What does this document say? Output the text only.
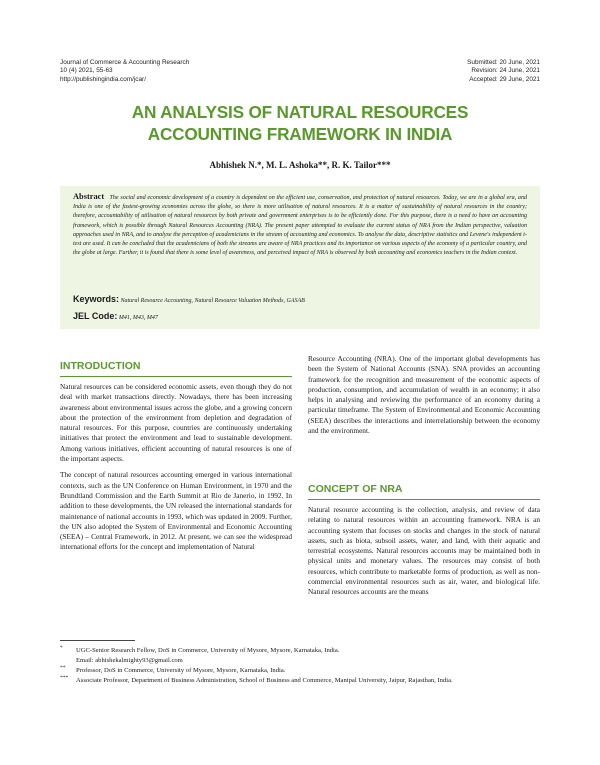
Journal of Commerce & Accounting Research
10 (4) 2021, 55-63
http://publishingindia.com/jcar/
Submitted: 20 June, 2021
Revision: 24 June, 2021
Accepted: 29 June, 2021
AN ANALYSIS OF NATURAL RESOURCES
ACCOUNTING FRAMEWORK IN INDIA
Abhishek N.*, M. L. Ashoka**, R. K. Tailor***
Abstract The social and economic development of a country is dependent on the efficient use, conservation, and protection of natural resources. Today, we are in a global era, and India is one of the fastest-growing economies across the globe, so there is more utilisation of natural resources. It is a matter of sustainability of natural resources in the country; therefore, accountability of utilisation of natural resources by both private and government enterprises is to be efficiently done. For this purpose, there is a need to have an accounting framework, which is possible through Natural Resources Accounting (NRA). The present paper attempted to evaluate the current status of NRA from the Indian perspective, valuation approaches used in NRA, and to analyse the perception of academicians in the stream of accounting and economics. To analyse the data, descriptive statistics and Levene's independent t-test are used. It can be concluded that the academicians of both the streams are aware of NRA practices and its importance on various aspects of the economy of a particular country, and the globe at large. Further, it is found that there is some level of awareness, and perceived impact of NRA is observed by both accounting and economics teachers in the Indian context.
Keywords: Natural Resource Accounting, Natural Resource Valuation Methods, GASAB
JEL Code: M41, M43, M47
INTRODUCTION

Natural resources can be considered economic assets, even though they do not deal with market transactions directly. Nowadays, there has been increasing awareness about environmental issues across the globe, and a growing concern about the protection of the environment from depletion and degradation of natural resources. For this purpose, countries are continuously undertaking initiatives that protect the environment and lead to sustainable development. Among various initiatives, efficient accounting of natural resources is one of the important aspects.

The concept of natural resources accounting emerged in various international contexts, such as the UN Conference on Human Environment, in 1970 and the Brundtland Commission and the Earth Summit at Rio de Janerio, in 1992. In addition to these developments, the UN released the international standards for maintenance of national accounts in 1993, which was updated in 2009. Further, the UN also adopted the System of Environmental and Economic Accounting (SEEA) – Central Framework, in 2012. At present, we can see the widespread international efforts for the concept and implementation of Natural

Resource Accounting (NRA). One of the important global developments has been the System of National Accounts (SNA). SNA provides an accounting framework for the recognition and measurement of the economic aspects of production, consumption, and accumulation of wealth in an economy; it also helps in analysing and reviewing the performance of an economy during a particular timeframe. The System of Environmental and Economic Accounting (SEEA) describes the interactions and interrelationship between the economy and the environment.

CONCEPT OF NRA

Natural resource accounting is the collection, analysis, and review of data relating to natural resources within an accounting framework. NRA is an accounting system that focuses on stocks and changes in the stock of natural assets, such as biota, subsoil assets, water, and land, with their aquatic and terrestrial ecosystems. Natural resources accounts may be maintained both in physical units and monetary values. The resources may consist of both resources, which contribute to marketable forms of production, as well as non-commercial environmental resources such as air, water, and biological life. Natural resources accounts are the means

* UGC-Senior Research Fellow, DoS in Commerce, University of Mysore, Mysore, Karnataka, India.
Email: abhishekalmighty93@gmail.com
** Professor, DoS in Commerce, University of Mysore, Mysore, Karnataka, India.
*** Associate Professor, Department of Business Administration, School of Business and Commerce, Manipal University, Jaipur, Rajasthan, India.
